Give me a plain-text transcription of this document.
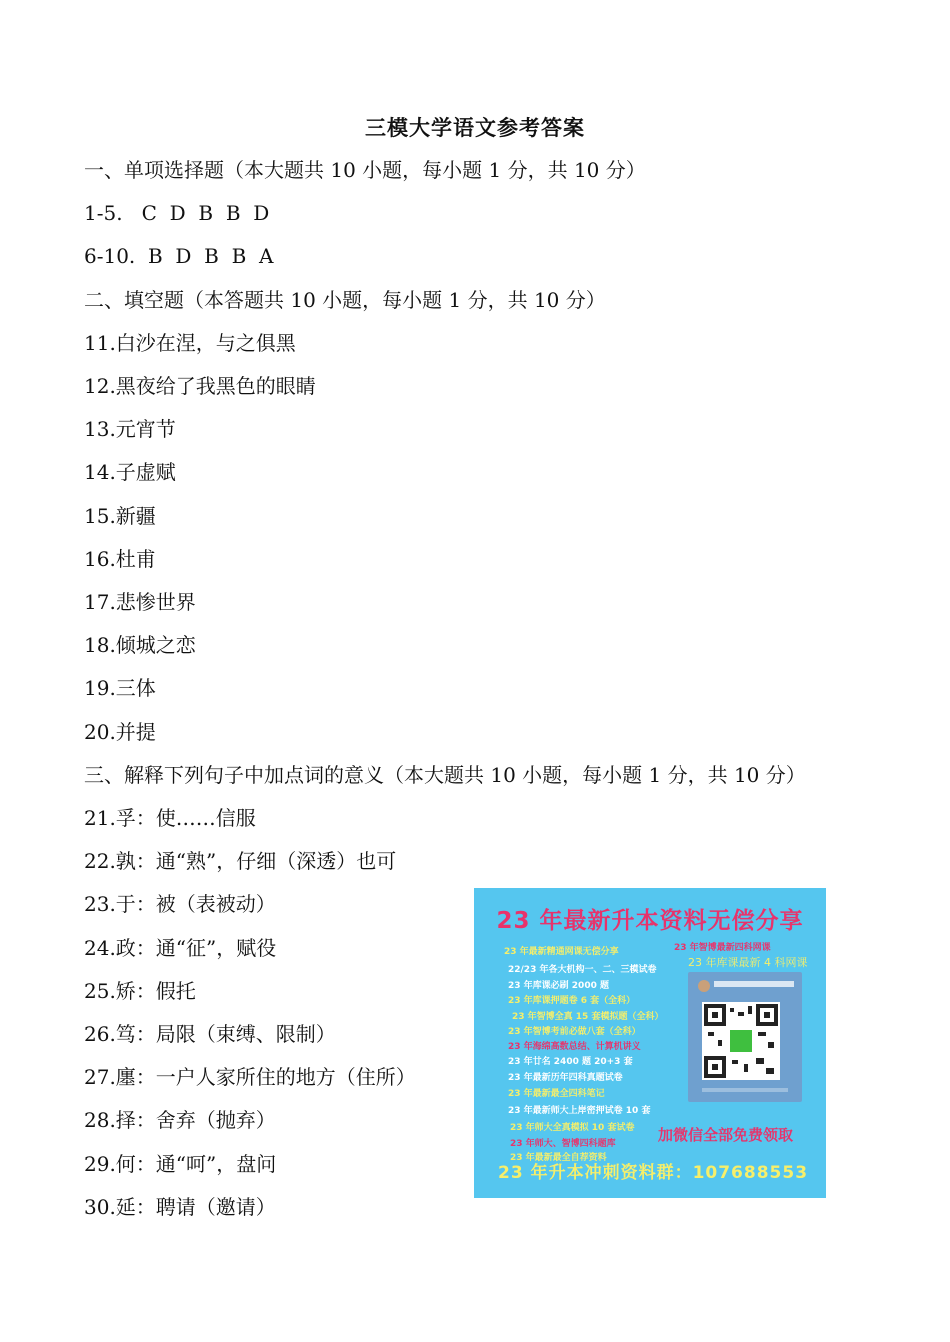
三模大学语文参考答案
一、单项选择题（本大题共 10 小题，每小题 1 分，共 10 分）
1-5.   C  D  B  B  D
6-10.  B  D  B  B  A
二、填空题（本答题共 10 小题，每小题 1 分，共 10 分）
11.白沙在涅，与之俱黑
12.黑夜给了我黑色的眼睛
13.元宵节
14.子虚赋
15.新疆
16.杜甫
17.悲惨世界
18.倾城之恋
19.三体
20.并提
三、解释下列句子中加点词的意义（本大题共 10 小题，每小题 1 分，共 10 分）
21.孚：使……信服
22.孰：通“熟”，仔细（深透）也可
23.于：被（表被动）
24.政：通“征”，赋役
25.矫：假托
26.笃：局限（束缚、限制）
27.廛：一户人家所住的地方（住所）
28.择：舍弃（抛弃）
29.何：通“呵”，盘问
30.延：聘请（邀请）
23 年最新升本资料无偿分享
23 年最新精通网课无偿分享	23 年智博最新四科网课
22/23 年各大机构一、二、三模试卷
23 年库课必刷 2000 题
23 年库课押题卷 6 套（全科）
23 年智博全真 15 套模拟题（全科）
23 年智博考前必做八套（全科）
23 年海绵高数总结、计算机讲义
23 年廿名 2400 题 20+3 套
23 年最新历年四科真题试卷
23 年最新最全四科笔记
23 年最新师大上岸密押试卷 10 套
23 年师大全真模拟 10 套试卷
23 年师大、智博四科题库
23 年最新最全自荐资料
23 年库课最新 4 科网课
加微信全部免费领取
23 年升本冲刺资料群：107688553
